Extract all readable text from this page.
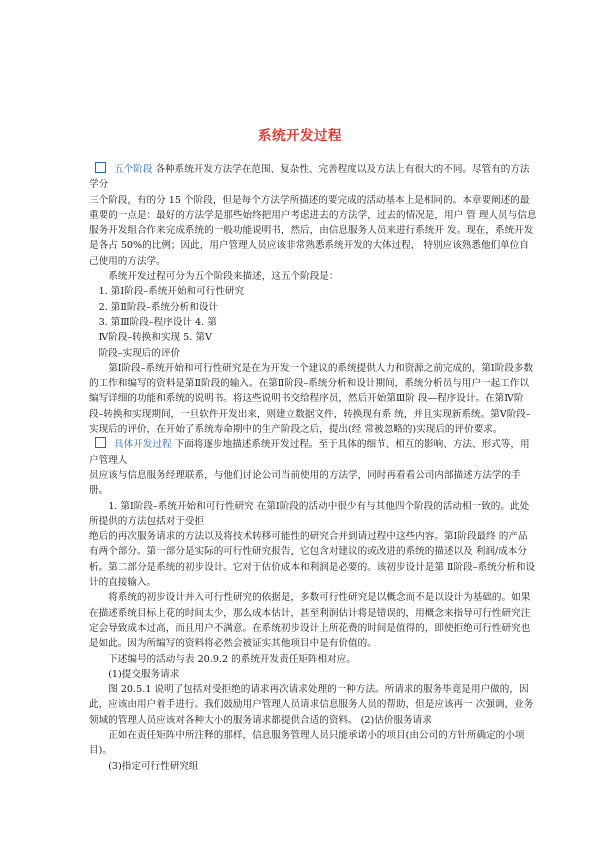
系统开发过程

五个阶段 各种系统开发方法学在范围、复杂性、完善程度以及方法上有很大的不同。尽管有的方法学分

三个阶段，有的分 15 个阶段，但是每个方法学所描述的要完成的活动基本上是相同的。本章要阐述的最重要的一点是：最好的方法学是那些始终把用户考虑进去的方法学，过去的情况是，用户 管 理人员与信息服务开发组合作来完成系统的一般功能说明书，然后，由信息服务人员来进行系统开 发。现在，系统开发是各占 50%的比例；因此，用户管理人员应该非常熟悉系统开发的大体过程， 特别应该熟悉他们单位自己使用的方法学。

系统开发过程可分为五个阶段来描述，这五个阶段是：

1. 第Ⅰ阶段–系统开始和可行性研究

2. 第Ⅱ阶段–系统分析和设计

3. 第Ⅲ阶段–程序设计 4. 第

Ⅳ阶段–转换和实现 5. 第Ⅴ

阶段–实现后的评价

第Ⅰ阶段–系统开始和可行性研究是在为开发一个建议的系统提供人力和资源之前完成的，第Ⅰ阶段多数的工作和编写的资料是第Ⅱ阶段的输入。在第Ⅱ阶段–系统分析和设计期间，系统分析员与用户一起工作以编写详细的功能和系统的说明书。将这些说明书交给程序员，然后开始第Ⅲ阶 段—程序设计。在第Ⅳ阶段–转换和实现期间，一旦软件开发出来，则建立数据文件，转换现有系 统，并且实现新系统。第Ⅴ阶段–实现后的评价，在开始了系统寿命期中的生产阶段之后，提出(经 常被忽略的)实现后的评价要求。

具体开发过程 下面将逐步地描述系统开发过程。至于具体的细节、相互的影响、方法、形式等，用户管理人

员应该与信息服务经理联系，与他们讨论公司当前使用的方法学，同时再看看公司内部描述方法学的手册。

1. 第Ⅰ阶段–系统开始和可行性研究 在第Ⅰ阶段的活动中很少有与其他四个阶段的活动相一致的。此处所提供的方法包括对于受拒

绝后的再次服务请求的方法以及将技术转移可能性的研究合并到请过程中这些内容。第Ⅰ阶段最终 的产品有两个部分。第一部分是实际的可行性研究报告，它包含对建议的或改进的系统的描述以及 利润/成本分析。第二部分是系统的初步设计。它对于估价成本和利润是必要的。该初步设计是第 Ⅱ阶段–系统分析和设计的直接输入。

将系统的初步设计并入可行性研究的依据是，多数可行性研究是以概念而不是以设计为基础的。如果在描述系统目标上花的时间太少，那么成本估计，甚至利润估计将是错误的，用概念来指导可行性研究注定会导致成本过高，而且用户不满意。在系统初步设计上所花费的时间是值得的，即使拒绝可行性研究也是如此。因为所编写的资料将必然会被证实其他项目中是有价值的。

下述编号的活动与表 20.9.2 的系统开发责任矩阵相对应。

(1)提交服务请求

图 20.5.1 说明了包括对受拒绝的请求再次请求处理的一种方法。所请求的服务毕竟是用户做的，因此，应该由用户着手进行。我们鼓励用户管理人员请求信息服务人员的帮助，但是应该再一 次强调，业务领域的管理人员应该对各种大小的服务请求都提供合适的资料。 (2)估价服务请求

正如在责任矩阵中所注释的那样，信息服务管理人员只能承诺小的项目(由公司的方针所确定的小项目)。

(3)指定可行性研究组
